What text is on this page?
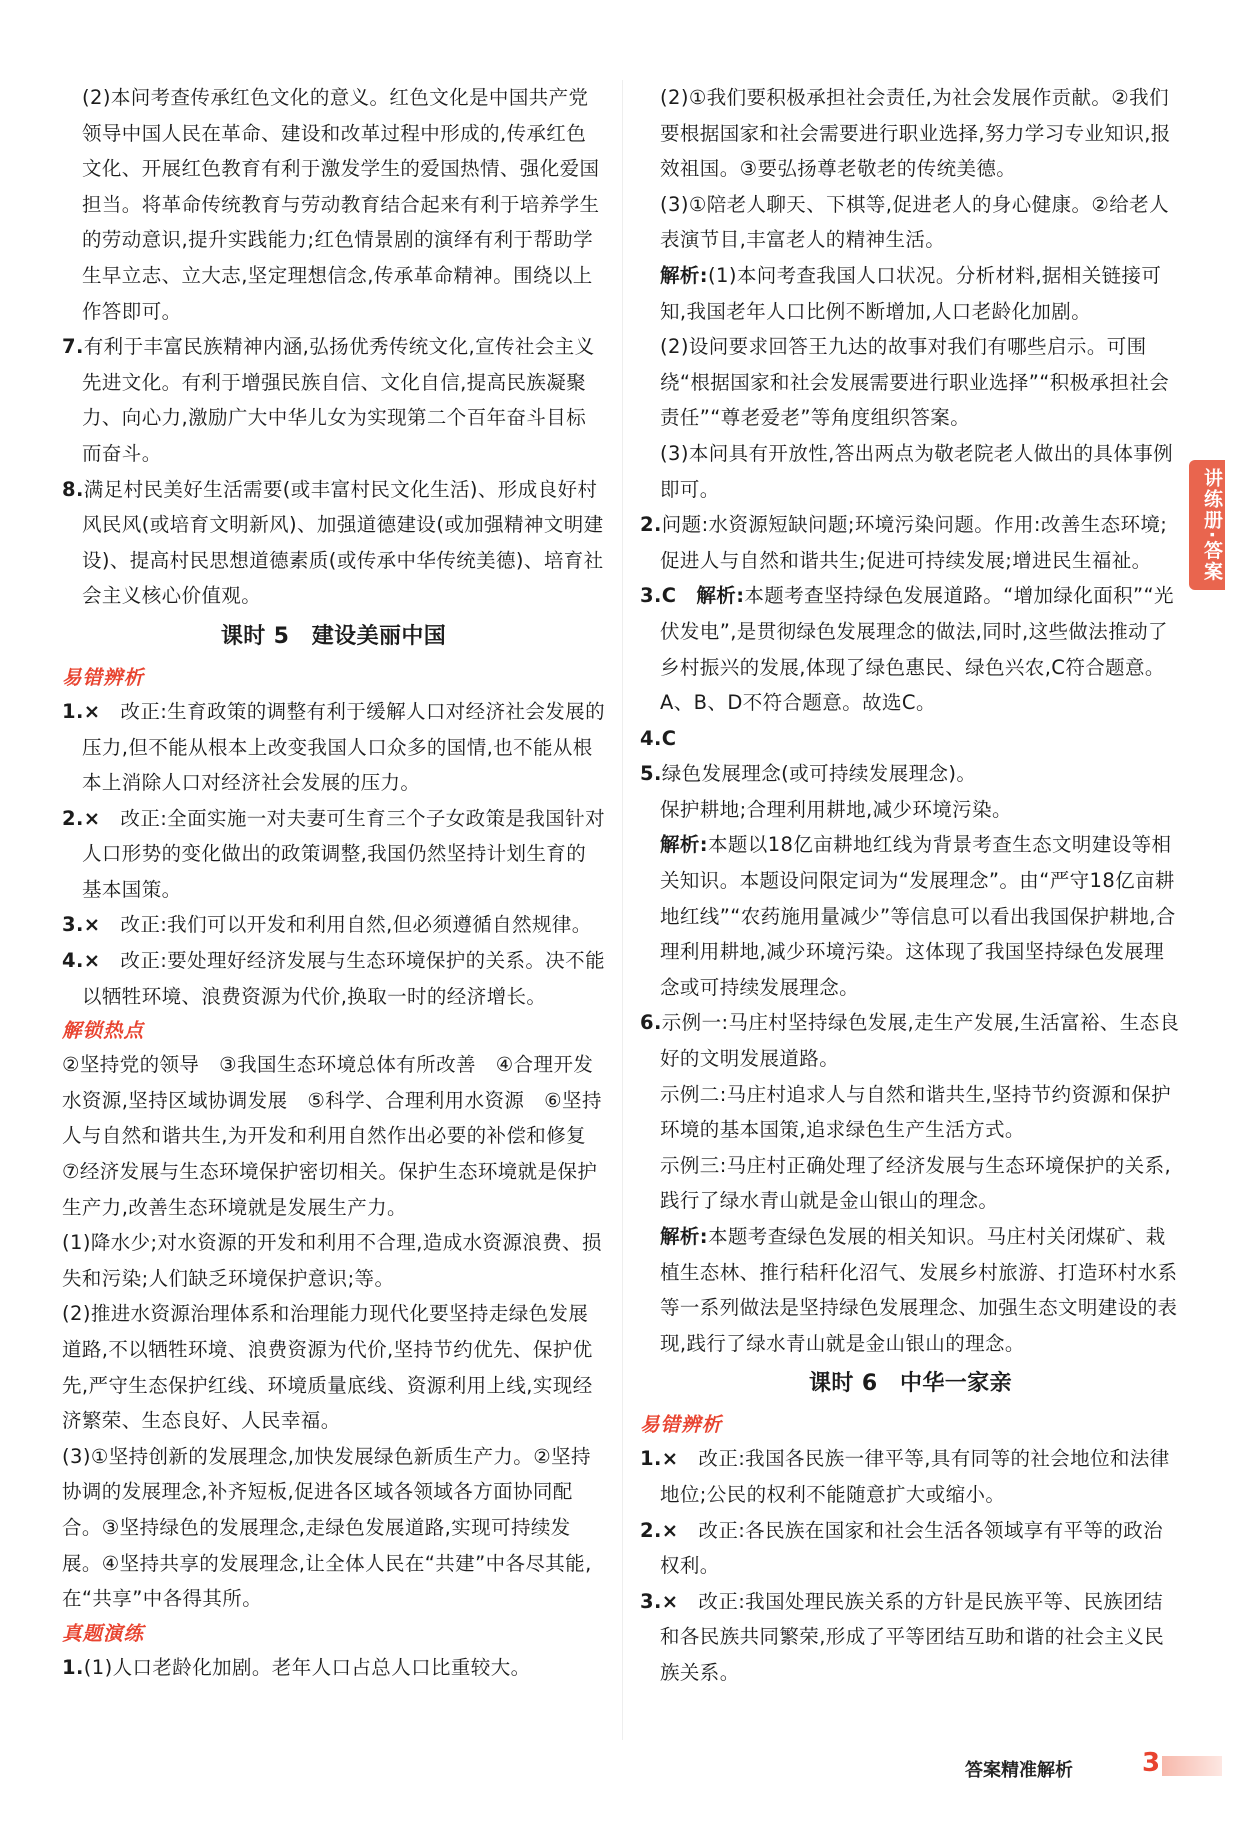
(2)本问考查传承红色文化的意义。红色文化是中国共产党领导中国人民在革命、建设和改革过程中形成的,传承红色文化、开展红色教育有利于激发学生的爱国热情、强化爱国担当。将革命传统教育与劳动教育结合起来有利于培养学生的劳动意识,提升实践能力;红色情景剧的演绎有利于帮助学生早立志、立大志,坚定理想信念,传承革命精神。围绕以上作答即可。

7.有利于丰富民族精神内涵,弘扬优秀传统文化,宣传社会主义先进文化。有利于增强民族自信、文化自信,提高民族凝聚力、向心力,激励广大中华儿女为实现第二个百年奋斗目标而奋斗。

8.满足村民美好生活需要(或丰富村民文化生活)、形成良好村风民风(或培育文明新风)、加强道德建设(或加强精神文明建设)、提高村民思想道德素质(或传承中华传统美德)、培育社会主义核心价值观。

课时 5　建设美丽中国
易错辨析

1.×　改正:生育政策的调整有利于缓解人口对经济社会发展的压力,但不能从根本上改变我国人口众多的国情,也不能从根本上消除人口对经济社会发展的压力。

2.×　改正:全面实施一对夫妻可生育三个子女政策是我国针对人口形势的变化做出的政策调整,我国仍然坚持计划生育的基本国策。

3.×　改正:我们可以开发和利用自然,但必须遵循自然规律。

4.×　改正:要处理好经济发展与生态环境保护的关系。决不能以牺牲环境、浪费资源为代价,换取一时的经济增长。

解锁热点

②坚持党的领导　③我国生态环境总体有所改善　④合理开发水资源,坚持区域协调发展　⑤科学、合理利用水资源　⑥坚持人与自然和谐共生,为开发和利用自然作出必要的补偿和修复　⑦经济发展与生态环境保护密切相关。保护生态环境就是保护生产力,改善生态环境就是发展生产力。

(1)降水少;对水资源的开发和利用不合理,造成水资源浪费、损失和污染;人们缺乏环境保护意识;等。

(2)推进水资源治理体系和治理能力现代化要坚持走绿色发展道路,不以牺牲环境、浪费资源为代价,坚持节约优先、保护优先,严守生态保护红线、环境质量底线、资源利用上线,实现经济繁荣、生态良好、人民幸福。

(3)①坚持创新的发展理念,加快发展绿色新质生产力。②坚持协调的发展理念,补齐短板,促进各区域各领域各方面协同配合。③坚持绿色的发展理念,走绿色发展道路,实现可持续发展。④坚持共享的发展理念,让全体人民在“共建”中各尽其能,在“共享”中各得其所。

真题演练

1.(1)人口老龄化加剧。老年人口占总人口比重较大。

(2)①我们要积极承担社会责任,为社会发展作贡献。②我们要根据国家和社会需要进行职业选择,努力学习专业知识,报效祖国。③要弘扬尊老敬老的传统美德。

(3)①陪老人聊天、下棋等,促进老人的身心健康。②给老人表演节目,丰富老人的精神生活。

解析:(1)本问考查我国人口状况。分析材料,据相关链接可知,我国老年人口比例不断增加,人口老龄化加剧。

(2)设问要求回答王九达的故事对我们有哪些启示。可围绕“根据国家和社会发展需要进行职业选择”“积极承担社会责任”“尊老爱老”等角度组织答案。

(3)本问具有开放性,答出两点为敬老院老人做出的具体事例即可。

2.问题:水资源短缺问题;环境污染问题。作用:改善生态环境;促进人与自然和谐共生;促进可持续发展;增进民生福祉。

3.C　解析:本题考查坚持绿色发展道路。“增加绿化面积”“光伏发电”,是贯彻绿色发展理念的做法,同时,这些做法推动了乡村振兴的发展,体现了绿色惠民、绿色兴农,C符合题意。A、B、D不符合题意。故选C。

4.C

5.绿色发展理念(或可持续发展理念)。

保护耕地;合理利用耕地,减少环境污染。

解析:本题以18亿亩耕地红线为背景考查生态文明建设等相关知识。本题设问限定词为“发展理念”。由“严守18亿亩耕地红线”“农药施用量减少”等信息可以看出我国保护耕地,合理利用耕地,减少环境污染。这体现了我国坚持绿色发展理念或可持续发展理念。

6.示例一:马庄村坚持绿色发展,走生产发展,生活富裕、生态良好的文明发展道路。

示例二:马庄村追求人与自然和谐共生,坚持节约资源和保护环境的基本国策,追求绿色生产生活方式。

示例三:马庄村正确处理了经济发展与生态环境保护的关系,践行了绿水青山就是金山银山的理念。

解析:本题考查绿色发展的相关知识。马庄村关闭煤矿、栽植生态林、推行秸秆化沼气、发展乡村旅游、打造环村水系等一系列做法是坚持绿色发展理念、加强生态文明建设的表现,践行了绿水青山就是金山银山的理念。

课时 6　中华一家亲
易错辨析

1.×　改正:我国各民族一律平等,具有同等的社会地位和法律地位;公民的权利不能随意扩大或缩小。

2.×　改正:各民族在国家和社会生活各领域享有平等的政治权利。

3.×　改正:我国处理民族关系的方针是民族平等、民族团结和各民族共同繁荣,形成了平等团结互助和谐的社会主义民族关系。

讲练册·答案
答案精准解析	3
